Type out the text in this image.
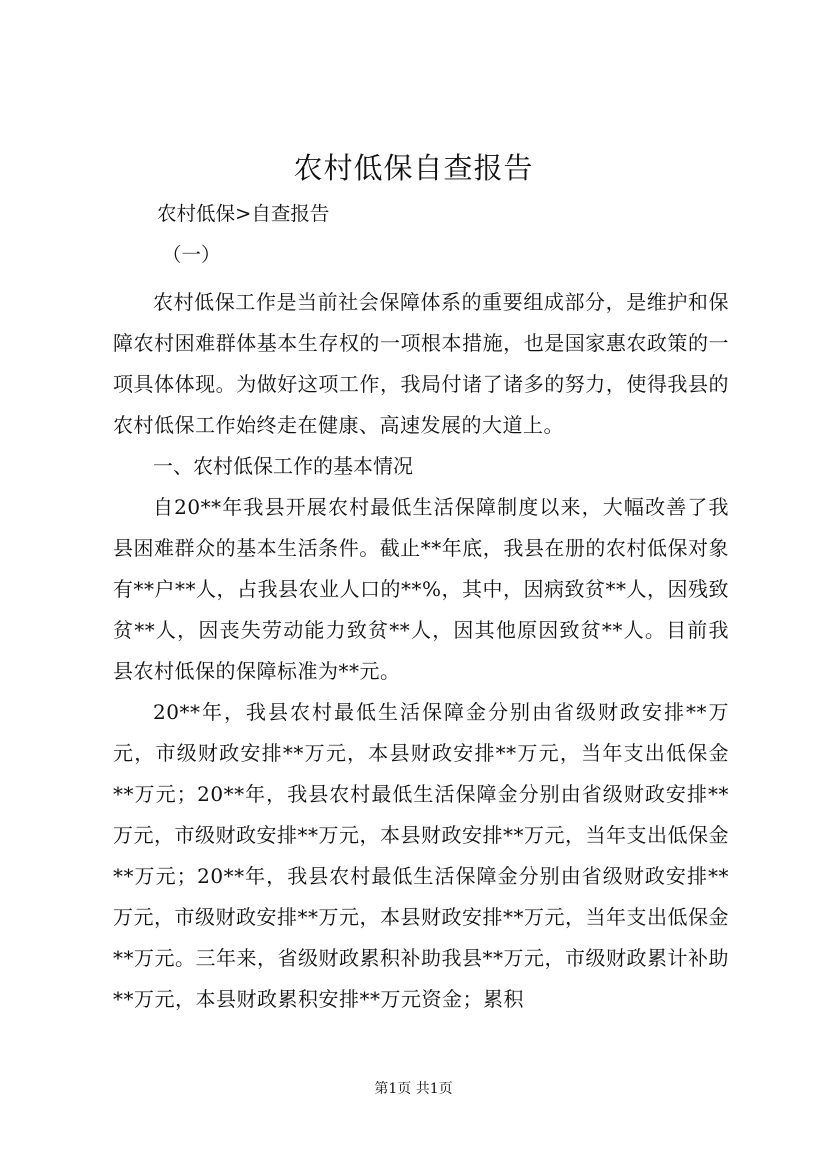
农村低保自查报告

农村低保>自查报告

（一）

农村低保工作是当前社会保障体系的重要组成部分，是维护和保障农村困难群体基本生存权的一项根本措施，也是国家惠农政策的一项具体体现。为做好这项工作，我局付诸了诸多的努力，使得我县的农村低保工作始终走在健康、高速发展的大道上。

一、农村低保工作的基本情况

自20**年我县开展农村最低生活保障制度以来，大幅改善了我县困难群众的基本生活条件。截止**年底，我县在册的农村低保对象有**户**人，占我县农业人口的**%，其中，因病致贫**人，因残致贫**人，因丧失劳动能力致贫**人，因其他原因致贫**人。目前我县农村低保的保障标准为**元。

20**年，我县农村最低生活保障金分别由省级财政安排**万元，市级财政安排**万元，本县财政安排**万元，当年支出低保金**万元；20**年，我县农村最低生活保障金分别由省级财政安排**万元，市级财政安排**万元，本县财政安排**万元，当年支出低保金**万元；20**年，我县农村最低生活保障金分别由省级财政安排**万元，市级财政安排**万元，本县财政安排**万元，当年支出低保金**万元。三年来，省级财政累积补助我县**万元，市级财政累计补助**万元，本县财政累积安排**万元资金；累积

第1页 共1页
